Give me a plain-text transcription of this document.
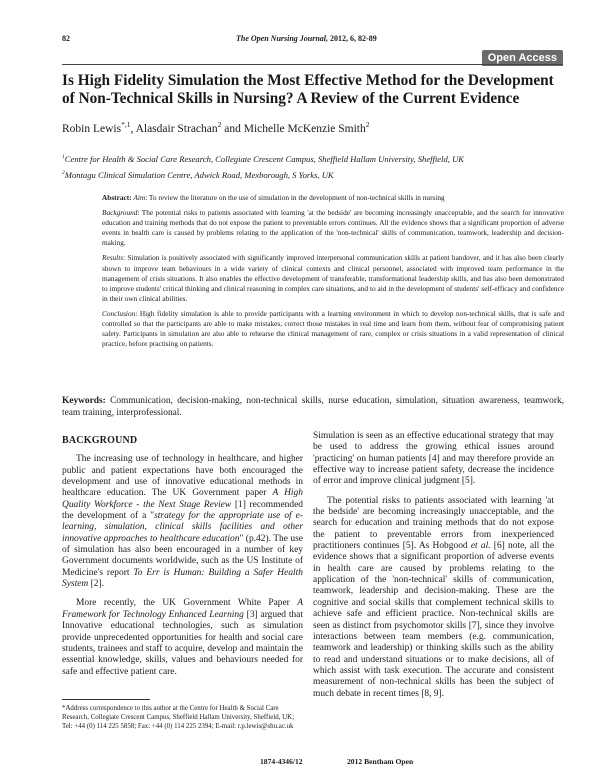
82	The Open Nursing Journal, 2012, 6, 82-89
Open Access
Is High Fidelity Simulation the Most Effective Method for the Development of Non-Technical Skills in Nursing? A Review of the Current Evidence
Robin Lewis$^{*,1}$, Alasdair Strachan$^2$ and Michelle McKenzie Smith$^2$
$^1$Centre for Health & Social Care Research, Collegiate Crescent Campus, Sheffield Hallam University, Sheffield, UK
$^2$Montagu Clinical Simulation Centre, Adwick Road, Mexborough, S Yorks, UK

Abstract: Aim: To review the literature on the use of simulation in the development of non-technical skills in nursing

Background: The potential risks to patients associated with learning 'at the bedside' are becoming increasingly unacceptable, and the search for innovative education and training methods that do not expose the patient to preventable errors continues. All the evidence shows that a significant proportion of adverse events in health care is caused by problems relating to the application of the 'non-technical' skills of communication, teamwork, leadership and decision-making.

Results: Simulation is positively associated with significantly improved interpersonal communication skills at patient handover, and it has also been clearly shown to improve team behaviours in a wide variety of clinical contexts and clinical personnel, associated with improved team performance in the management of crisis situations. It also enables the effective development of transferable, transformational leadership skills, and has also been demonstrated to improve students' critical thinking and clinical reasoning in complex care situations, and to aid in the development of students' self-efficacy and confidence in their own clinical abilities.

Conclusion: High fidelity simulation is able to provide participants with a learning environment in which to develop non-technical skills, that is safe and controlled so that the participants are able to make mistakes, correct those mistakes in real time and learn from them, without fear of compromising patient safety. Participants in simulation are also able to rehearse the clinical management of rare, complex or crisis situations in a valid representation of clinical practice, before practising on patients.

Keywords: Communication, decision-making, non-technical skills, nurse education, simulation, situation awareness, teamwork, team training, interprofessional.
BACKGROUND

The increasing use of technology in healthcare, and higher public and patient expectations have both encouraged the development and use of innovative educational methods in healthcare education. The UK Government paper A High Quality Workforce - the Next Stage Review [1] recommended the development of a "strategy for the appropriate use of e-learning, simulation, clinical skills facilities and other innovative approaches to healthcare education" (p.42). The use of simulation has also been encouraged in a number of key Government documents worldwide, such as the US Institute of Medicine's report To Err is Human: Building a Safer Health System [2].

More recently, the UK Government White Paper A Framework for Technology Enhanced Learning [3] argued that Innovative educational technologies, such as simulation provide unprecedented opportunities for health and social care students, trainees and staff to acquire, develop and maintain the essential knowledge, skills, values and behaviours needed for safe and effective patient care.

Simulation is seen as an effective educational strategy that may be used to address the growing ethical issues around 'practicing' on human patients [4] and may therefore provide an effective way to increase patient safety, decrease the incidence of error and improve clinical judgment [5].

The potential risks to patients associated with learning 'at the bedside' are becoming increasingly unacceptable, and the search for education and training methods that do not expose the patient to preventable errors from inexperienced practitioners continues [5]. As Hobgood et al. [6] note, all the evidence shows that a significant proportion of adverse events in health care are caused by problems relating to the application of the 'non-technical' skills of communication, teamwork, leadership and decision-making. These are the cognitive and social skills that complement technical skills to achieve safe and efficient practice. Non-technical skills are seen as distinct from psychomotor skills [7], since they involve interactions between team members (e.g. communication, teamwork and leadership) or thinking skills such as the ability to read and understand situations or to make decisions, all of which assist with task execution. The accurate and consistent measurement of non-technical skills has been the subject of much debate in recent times [8, 9].

*Address correspondence to this author at the Centre for Health & Social Care Research, Collegiate Crescent Campus, Sheffield Hallam University, Sheffield, UK; Tel: +44 (0) 114 225 5858; Fax: +44 (0) 114 225 2394; E-mail: r.p.lewis@shu.ac.uk

1874-4346/12	2012 Bentham Open
